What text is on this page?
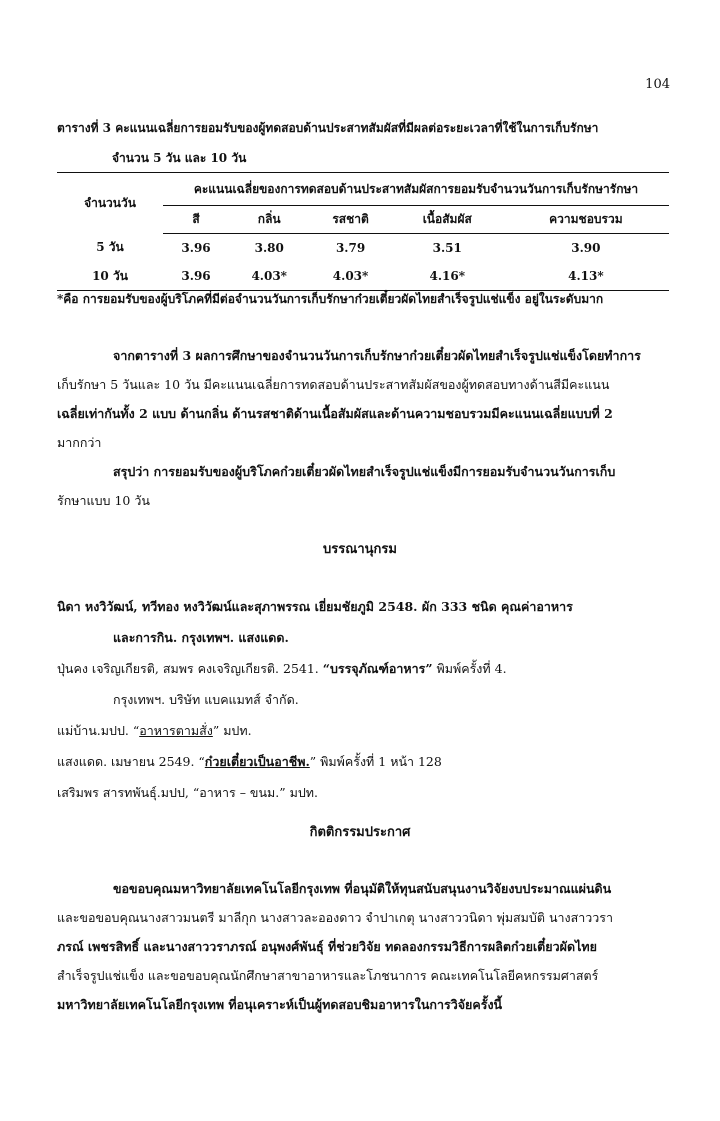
104
ตารางที่ 3 คะแนนเฉลี่ยการยอมรับของผู้ทดสอบด้านประสาทสัมผัสที่มีผลต่อระยะเวลาที่ใช้ในการเก็บรักษา
จำนวน 5 วัน และ 10 วัน
จำนวนวัน	คะแนนเฉลี่ยของการทดสอบด้านประสาทสัมผัสการยอมรับจำนวนวันการเก็บรักษารักษา				
	สี	กลิ่น	รสชาติ	เนื้อสัมผัส	ความชอบรวม
5 วัน	3.96	3.80	3.79	3.51	3.90
10 วัน	3.96	4.03*	4.03*	4.16*	4.13*
*คือ การยอมรับของผู้บริโภคที่มีต่อจำนวนวันการเก็บรักษาก๋วยเตี๋ยวผัดไทยสำเร็จรูปแช่แข็ง อยู่ในระดับมาก
จากตารางที่ 3 ผลการศึกษาของจำนวนวันการเก็บรักษาก๋วยเตี๋ยวผัดไทยสำเร็จรูปแช่แข็งโดยทำการ
เก็บรักษา 5 วันและ 10 วัน มีคะแนนเฉลี่ยการทดสอบด้านประสาทสัมผัสของผู้ทดสอบทางด้านสีมีคะแนน
เฉลี่ยเท่ากันทั้ง 2 แบบ ด้านกลิ่น ด้านรสชาติด้านเนื้อสัมผัสและด้านความชอบรวมมีคะแนนเฉลี่ยแบบที่ 2
มากกว่า
สรุปว่า การยอมรับของผู้บริโภคก๋วยเตี๋ยวผัดไทยสำเร็จรูปแช่แข็งมีการยอมรับจำนวนวันการเก็บ
รักษาแบบ 10 วัน
บรรณานุกรม
นิดา หงวิวัฒน์, ทวีทอง หงวิวัฒน์และสุภาพรรณ เยี่ยมชัยภูมิ 2548. ผัก 333 ชนิด คุณค่าอาหาร
และการกิน. กรุงเทพฯ. แสงแดด.
ปุ่นคง เจริญเกียรติ, สมพร คงเจริญเกียรติ. 2541. “บรรจุภัณฑ์อาหาร” พิมพ์ครั้งที่ 4.
กรุงเทพฯ. บริษัท แบคแมทส์ จำกัด.
แม่บ้าน.มปป. “อาหารตามสั่ง” มปท.
แสงแดด. เมษายน 2549. “ก๋วยเตี๋ยวเป็นอาชีพ.” พิมพ์ครั้งที่ 1 หน้า 128
เสริมพร สารทพันธุ์.มปป, “อาหาร – ขนม.” มปท.
กิตติกรรมประกาศ
ขอขอบคุณมหาวิทยาลัยเทคโนโลยีกรุงเทพ ที่อนุมัติให้ทุนสนับสนุนงานวิจัยงบประมาณแผ่นดิน
และขอขอบคุณนางสาวมนตรี มาลีกุก นางสาวละอองดาว จำปาเกตุ นางสาววนิดา พุ่มสมบัติ นางสาววรา
ภรณ์ เพชรสิทธิ์ และนางสาววราภรณ์ อนุพงศ์พันธุ์ ที่ช่วยวิจัย ทดลองกรรมวิธีการผลิตก๋วยเตี๋ยวผัดไทย
สำเร็จรูปแช่แข็ง และขอขอบคุณนักศึกษาสาขาอาหารและโภชนาการ คณะเทคโนโลยีคหกรรมศาสตร์
มหาวิทยาลัยเทคโนโลยีกรุงเทพ ที่อนุเคราะห์เป็นผู้ทดสอบชิมอาหารในการวิจัยครั้งนี้
